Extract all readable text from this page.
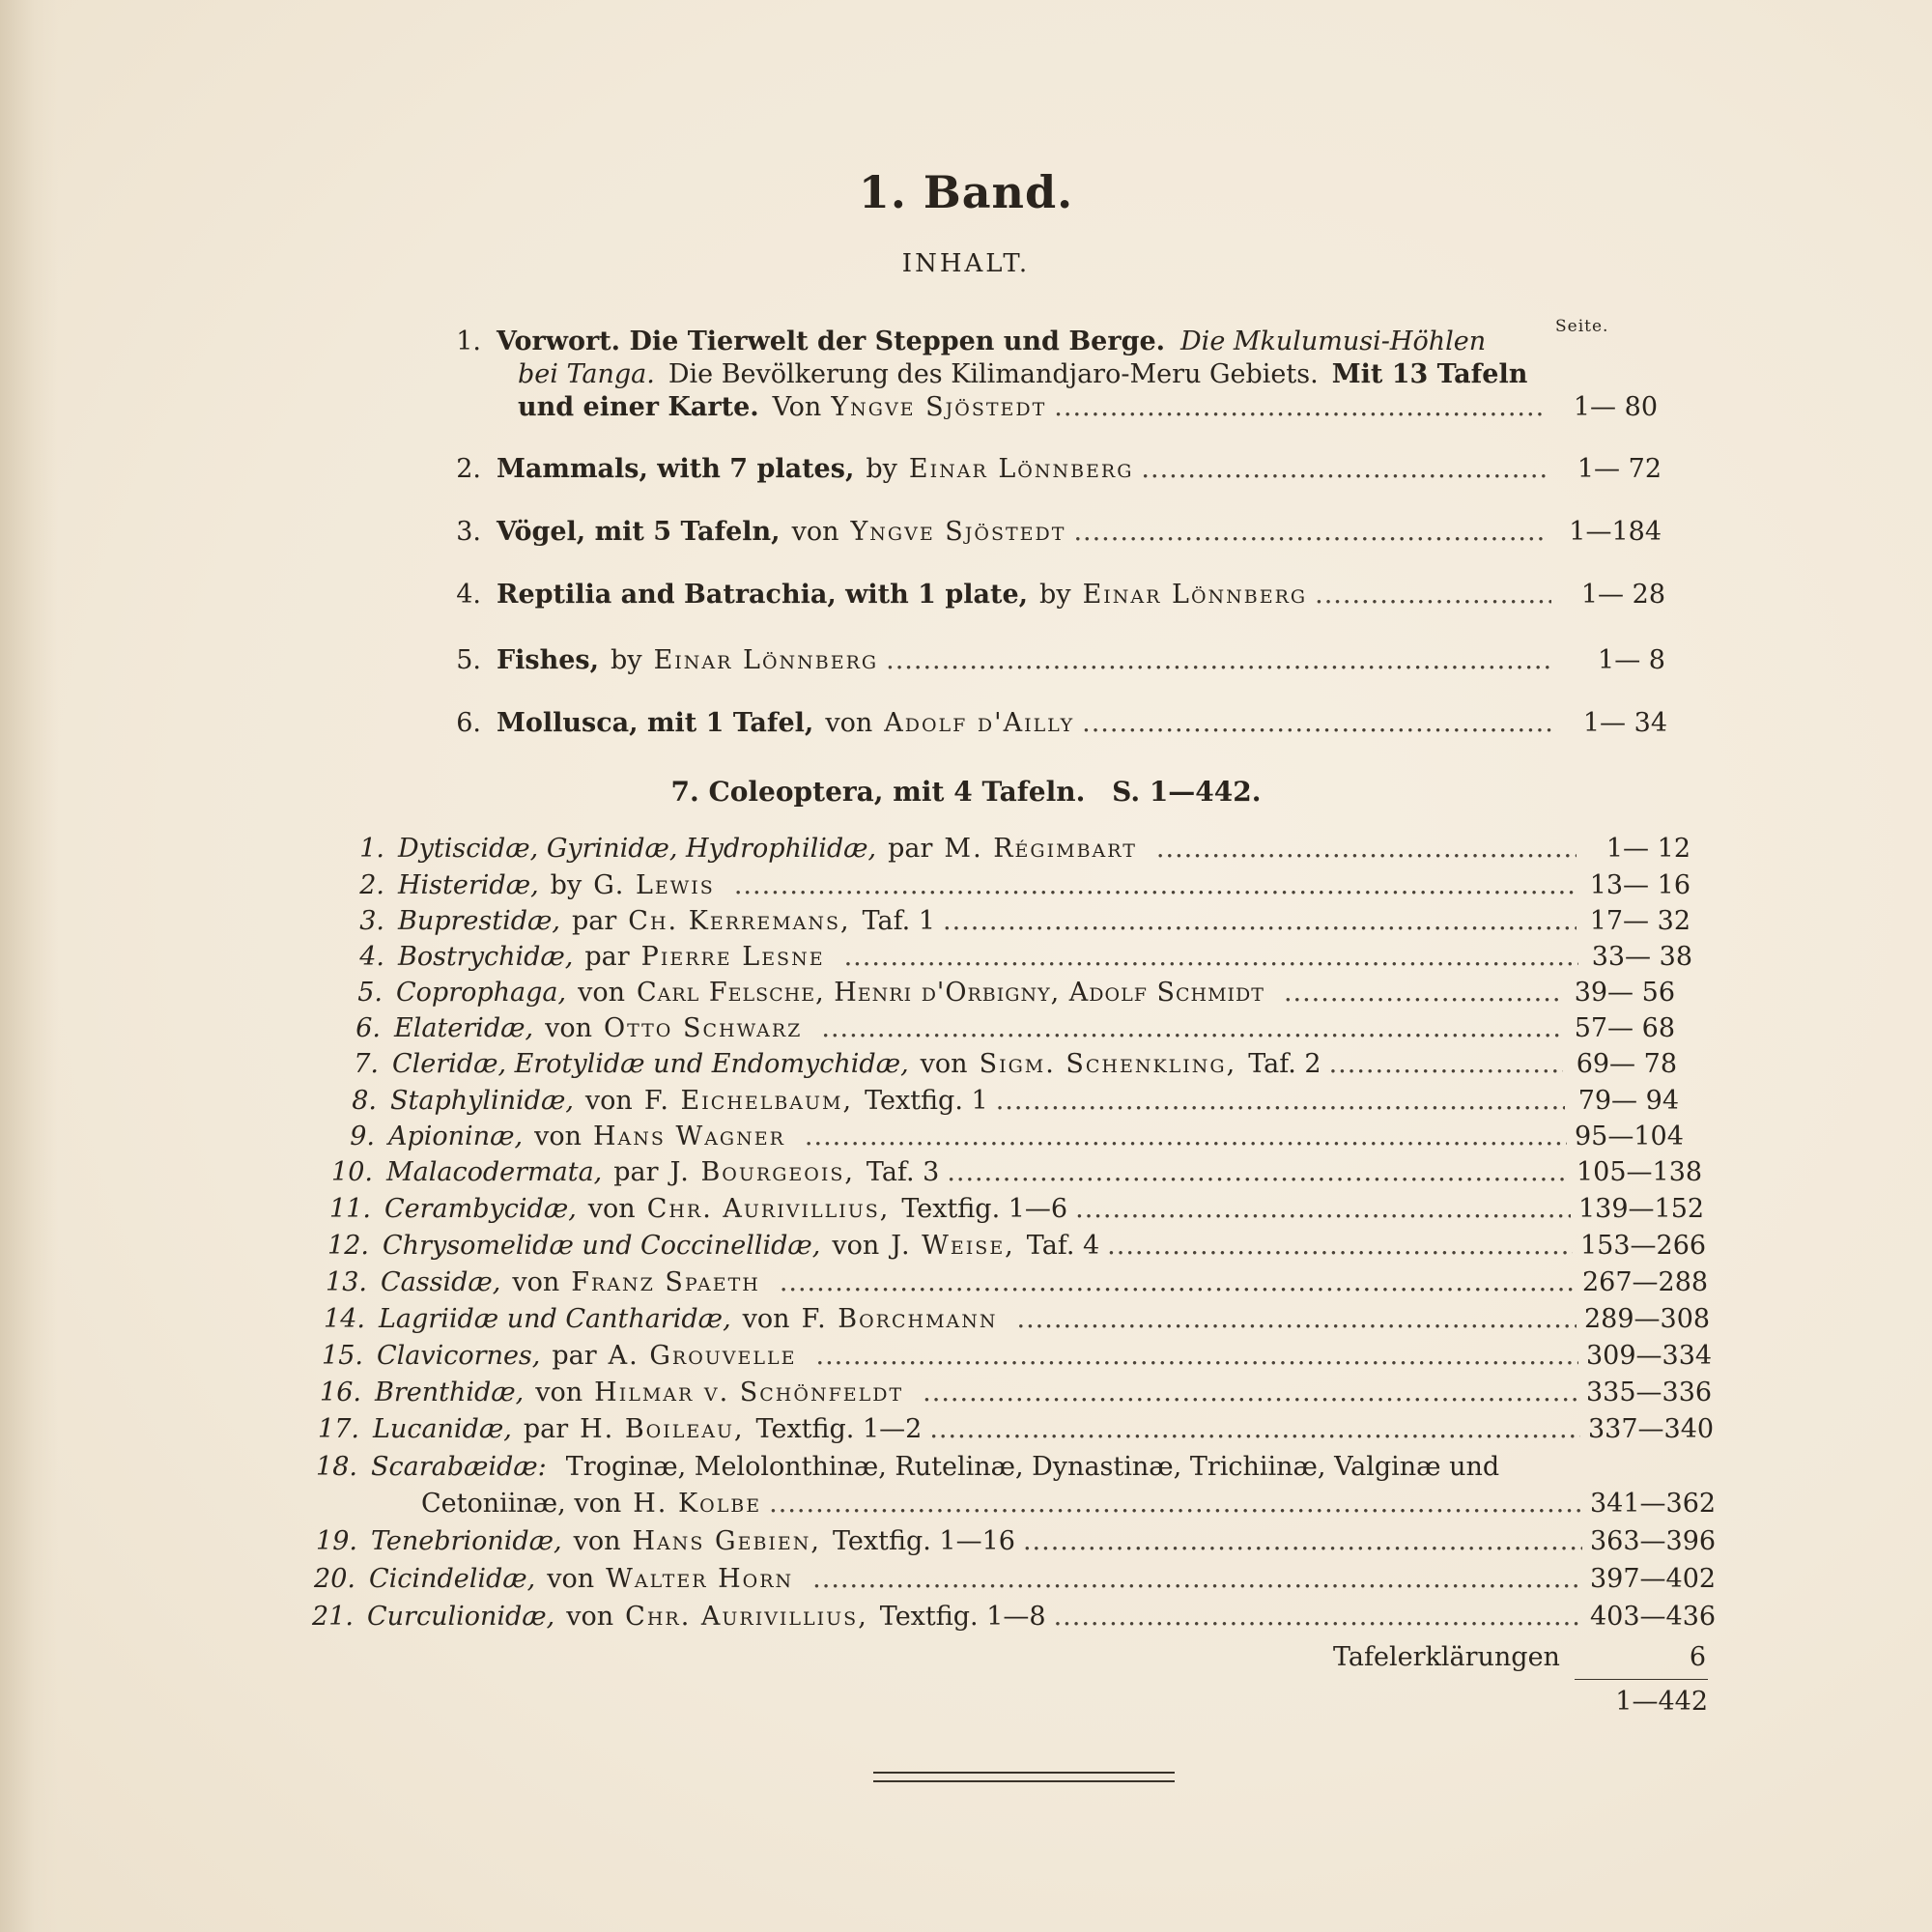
1. Band.
INHALT.
Seite.
1. Vorwort. Die Tierwelt der Steppen und Berge. Die Mkulumusi-Höhlen
bei Tanga. Die Bevölkerung des Kilimandjaro-Meru Gebiets. Mit 13 Tafeln
und einer Karte. Von Yngve Sjöstedt .....	1— 80
2. Mammals, with 7 plates, by Einar Lönnberg .....	1— 72
3. Vögel, mit 5 Tafeln, von Yngve Sjöstedt .....	1—184
4. Reptilia and Batrachia, with 1 plate, by Einar Lönnberg .....	1— 28
5. Fishes, by Einar Lönnberg .....	1— 8
6. Mollusca, mit 1 Tafel, von Adolf d'Ailly .....	1— 34
7. Coleoptera, mit 4 Tafeln. S. 1—442.
1. Dytiscidæ, Gyrinidæ, Hydrophilidæ, par M. Régimbart .....	1— 12
2. Histeridæ, by G. Lewis .....	13— 16
3. Buprestidæ, par Ch. Kerremans, Taf. 1 .....	17— 32
4. Bostrychidæ, par Pierre Lesne .....	33— 38
5. Coprophaga, von Carl Felsche, Henri d'Orbigny, Adolf Schmidt .....	39— 56
6. Elateridæ, von Otto Schwarz .....	57— 68
7. Cleridæ, Erotylidæ und Endomychidæ, von Sigm. Schenkling, Taf. 2 .....	69— 78
8. Staphylinidæ, von F. Eichelbaum, Textfig. 1 .....	79— 94
9. Apioninæ, von Hans Wagner .....	95—104
10. Malacodermata, par J. Bourgeois, Taf. 3 .....	105—138
11. Cerambycidæ, von Chr. Aurivillius, Textfig. 1—6 .....	139—152
12. Chrysomelidæ und Coccinellidæ, von J. Weise, Taf. 4 .....	153—266
13. Cassidæ, von Franz Spaeth .....	267—288
14. Lagriidæ und Cantharidæ, von F. Borchmann .....	289—308
15. Clavicornes, par A. Grouvelle .....	309—334
16. Brenthidæ, von Hilmar v. Schönfeldt .....	335—336
17. Lucanidæ, par H. Boileau, Textfig. 1—2 .....	337—340
18. Scarabæidæ: Troginæ, Melolonthinæ, Rutelinæ, Dynastinæ, Trichiinæ, Valginæ und
Cetoniinæ, von H. Kolbe .....	341—362
19. Tenebrionidæ, von Hans Gebien, Textfig. 1—16 .....	363—396
20. Cicindelidæ, von Walter Horn .....	397—402
21. Curculionidæ, von Chr. Aurivillius, Textfig. 1—8 .....	403—436
Tafelerklärungen	6
1—442
